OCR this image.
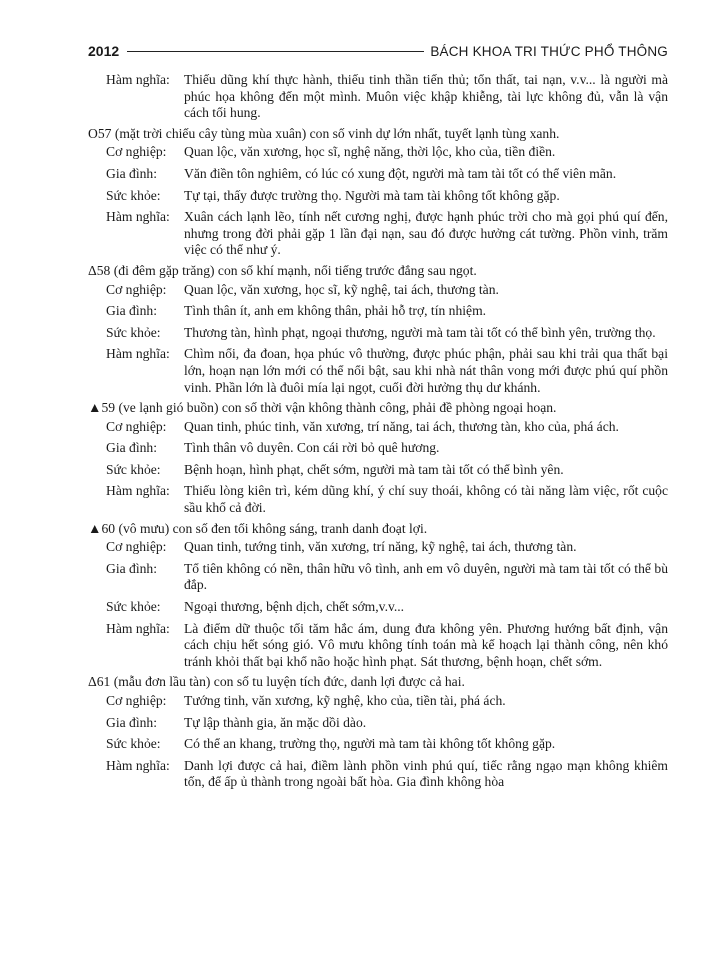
2012	BÁCH KHOA TRI THỨC PHỔ THÔNG
Hàm nghĩa:	Thiếu dũng khí thực hành, thiếu tinh thần tiến thủ; tổn thất, tai nạn, v.v... là người mà phúc họa không đến một mình. Muôn việc khập khiễng, tài lực không đủ, vẫn là vận cách tối hung.
O57 (mặt trời chiếu cây tùng mùa xuân) con số vinh dự lớn nhất, tuyết lạnh tùng xanh.
Cơ nghiệp:	Quan lộc, văn xương, học sĩ, nghệ năng, thời lộc, kho của, tiền điền.
Gia đình:	Văn điền tôn nghiêm, có lúc có xung đột, người mà tam tài tốt có thể viên mãn.
Sức khỏe:	Tự tại, thấy được trường thọ. Người mà tam tài không tốt không gặp.
Hàm nghĩa:	Xuân cách lạnh lẽo, tính nết cương nghị, được hạnh phúc trời cho mà gọi phú quí đến, nhưng trong đời phải gặp 1 lần đại nạn, sau đó được hưởng cát tường. Phồn vinh, trăm việc có thể như ý.
Δ58 (đi đêm gặp trăng) con số khí mạnh, nổi tiếng trước đắng sau ngọt.
Cơ nghiệp:	Quan lộc, văn xương, học sĩ, kỹ nghệ, tai ách, thương tàn.
Gia đình:	Tình thân ít, anh em không thân, phải hỗ trợ, tín nhiệm.
Sức khỏe:	Thương tàn, hình phạt, ngoại thương, người mà tam tài tốt có thể bình yên, trường thọ.
Hàm nghĩa:	Chìm nổi, đa đoan, họa phúc vô thường, được phúc phận, phải sau khi trải qua thất bại lớn, hoạn nạn lớn mới có thể nổi bật, sau khi nhà nát thân vong mới được phú quí phồn vinh. Phần lớn là đuôi mía lại ngọt, cuối đời hưởng thụ dư khánh.
▲59 (ve lạnh gió buồn) con số thời vận không thành công, phải đề phòng ngoại hoạn.
Cơ nghiệp:	Quan tinh, phúc tinh, văn xương, trí năng, tai ách, thương tàn, kho của, phá ách.
Gia đình:	Tình thân vô duyên. Con cái rời bỏ quê hương.
Sức khỏe:	Bệnh hoạn, hình phạt, chết sớm, người mà tam tài tốt có thể bình yên.
Hàm nghĩa:	Thiếu lòng kiên trì, kém dũng khí, ý chí suy thoái, không có tài năng làm việc, rốt cuộc sầu khổ cả đời.
▲60 (vô mưu) con số đen tối không sáng, tranh danh đoạt lợi.
Cơ nghiệp:	Quan tinh, tướng tinh, văn xương, trí năng, kỹ nghệ, tai ách, thương tàn.
Gia đình:	Tổ tiên không có nền, thân hữu vô tình, anh em vô duyên, người mà tam tài tốt có thể bù đắp.
Sức khỏe:	Ngoại thương, bệnh dịch, chết sớm,v.v...
Hàm nghĩa:	Là điểm dữ thuộc tối tăm hắc ám, dung đưa không yên. Phương hướng bất định, vận cách chịu hết sóng gió. Vô mưu không tính toán mà kế hoạch lại thành công, nên khó tránh khỏi thất bại khổ não hoặc hình phạt. Sát thương, bệnh hoạn, chết sớm.
Δ61 (mẫu đơn lầu tàn) con số tu luyện tích đức, danh lợi được cả hai.
Cơ nghiệp:	Tướng tinh, văn xương, kỹ nghệ, kho của, tiền tài, phá ách.
Gia đình:	Tự lập thành gia, ăn mặc dồi dào.
Sức khỏe:	Có thể an khang, trường thọ, người mà tam tài không tốt không gặp.
Hàm nghĩa:	Danh lợi được cả hai, điềm lành phồn vinh phú quí, tiếc rằng ngạo mạn không khiêm tốn, để ấp ủ thành trong ngoài bất hòa. Gia đình không hòa
